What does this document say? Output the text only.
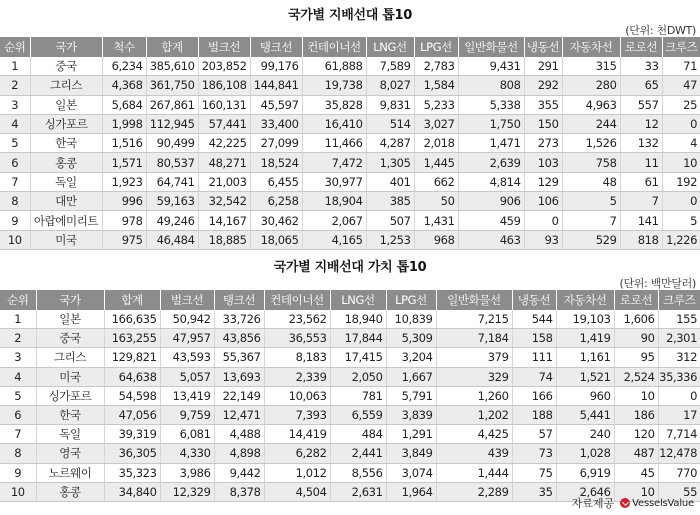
국가별 지배선대 톱10
(단위: 천DWT)
순위	국가	척수	합계	벌크선	탱크선	컨테이너선	LNG선	LPG선	일반화물선	냉동선	자동차선	로로선	크루즈
1	중국	6,234	385,610	203,852	99,176	61,888	7,589	2,783	9,431	291	315	33	71
2	그리스	4,368	361,750	186,108	144,841	19,738	8,027	1,584	808	292	280	65	47
3	일본	5,684	267,861	160,131	45,597	35,828	9,831	5,233	5,338	355	4,963	557	25
4	싱가포르	1,998	112,945	57,441	33,400	16,410	514	3,027	1,750	150	244	12	0
5	한국	1,516	90,499	42,225	27,099	11,466	4,287	2,018	1,471	273	1,526	132	4
6	홍콩	1,571	80,537	48,271	18,524	7,472	1,305	1,445	2,639	103	758	11	10
7	독일	1,923	64,741	21,003	6,455	30,977	401	662	4,814	129	48	61	192
8	대만	996	59,163	32,542	6,258	18,904	385	50	906	106	5	7	0
9	아랍에미리트	978	49,246	14,167	30,462	2,067	507	1,431	459	0	7	141	5
10	미국	975	46,484	18,885	18,065	4,165	1,253	968	463	93	529	818	1,226
국가별 지배선대 가치 톱10
(단위: 백만달러)
순위	국가	합계	벌크선	탱크선	컨테이너선	LNG선	LPG선	일반화물선	냉동선	자동차선	로로선	크루즈
1	일본	166,635	50,942	33,726	23,562	18,940	10,839	7,215	544	19,103	1,606	155
2	중국	163,255	47,957	43,856	36,553	17,844	5,309	7,184	158	1,419	90	2,301
3	그리스	129,821	43,593	55,367	8,183	17,415	3,204	379	111	1,161	95	312
4	미국	64,638	5,057	13,693	2,339	2,050	1,667	329	74	1,521	2,524	35,336
5	싱가포르	54,598	13,419	22,149	10,063	781	5,791	1,260	166	960	10	0
6	한국	47,056	9,759	12,471	7,393	6,559	3,839	1,202	188	5,441	186	17
7	독일	39,319	6,081	4,488	14,419	484	1,291	4,425	57	240	120	7,714
8	영국	36,305	4,330	4,898	6,282	2,441	3,849	439	73	1,028	487	12,478
9	노르웨이	35,323	3,986	9,442	1,012	8,556	3,074	1,444	75	6,919	45	770
10	홍콩	34,840	12,329	8,378	4,504	2,631	1,964	2,289	35	2,646	10	55
자료제공 VesselsValue
